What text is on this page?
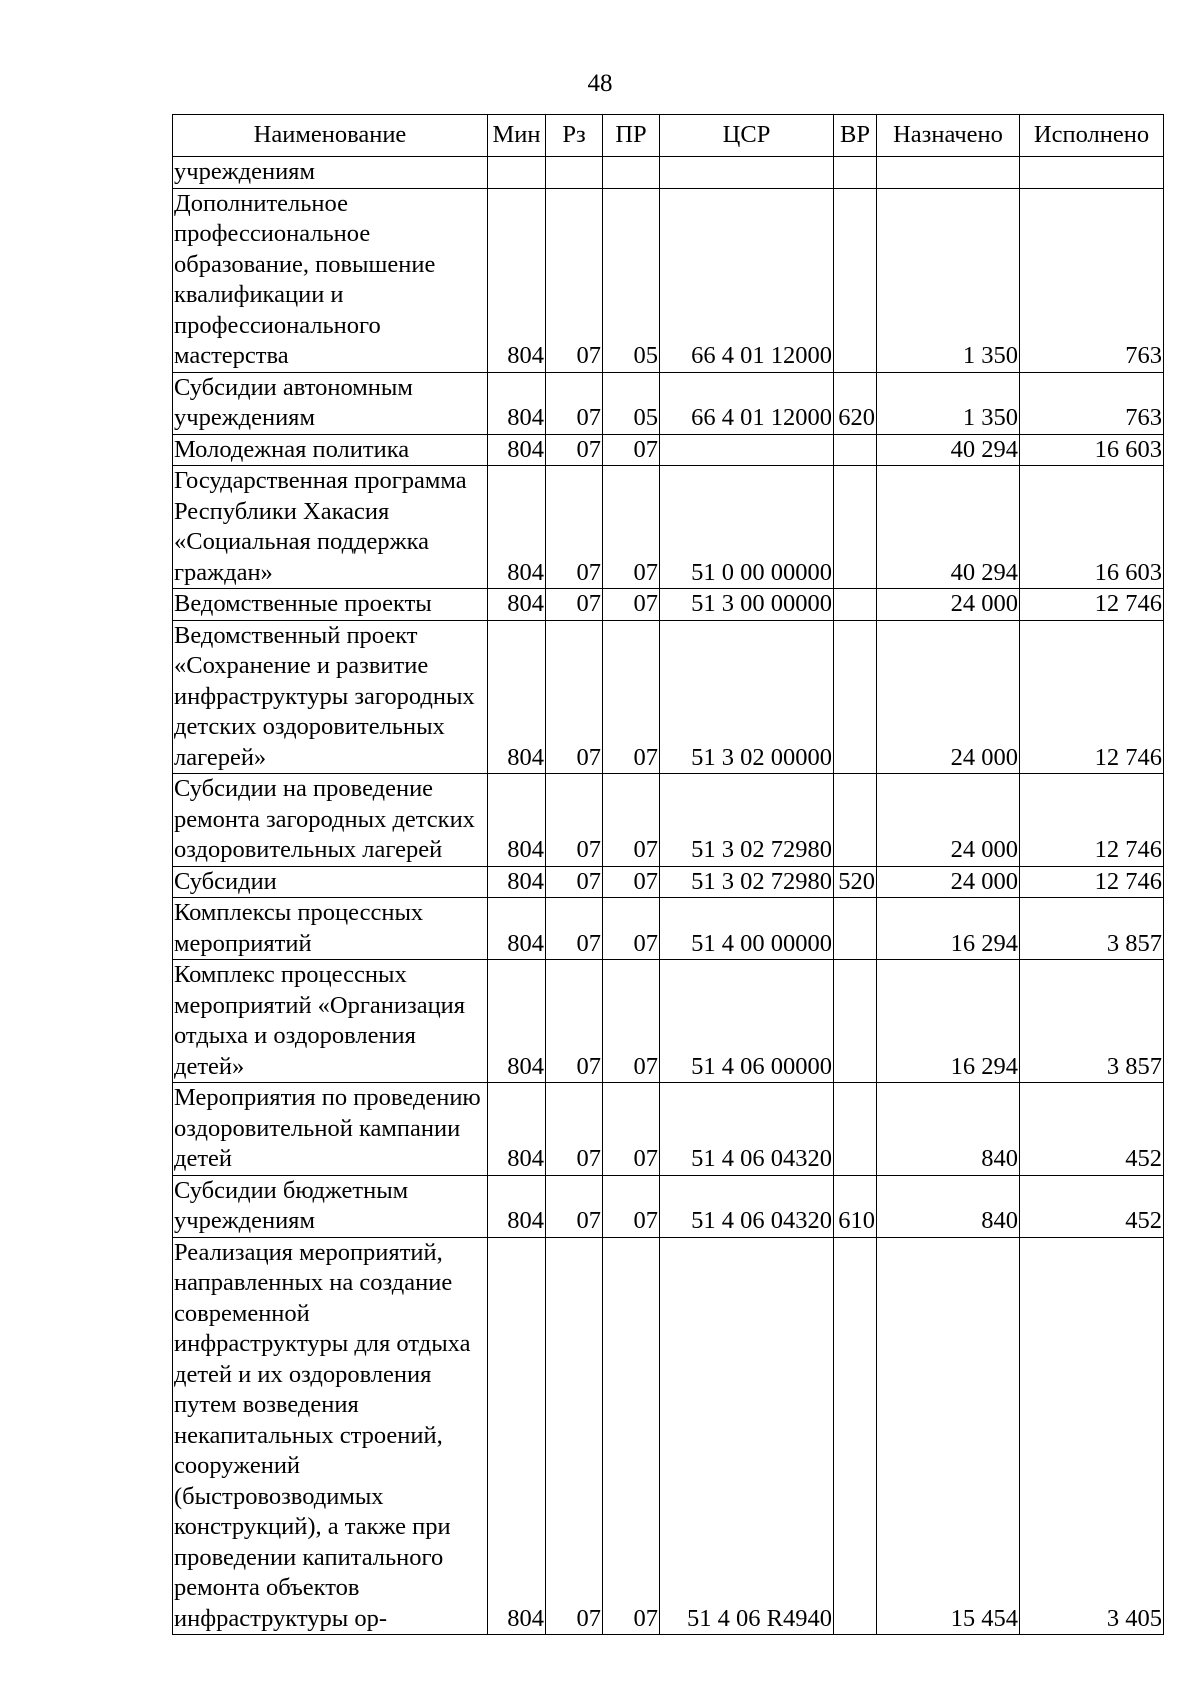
48
Наименование	Мин	Рз	ПР	ЦСР	ВР	Назначено	Исполнено
учреждениям							
Дополнительное профессиональное образование, повышение квалификации и профессионального мастерства	804	07	05	66 4 01 12000		1 350	763
Субсидии автономным учреждениям	804	07	05	66 4 01 12000	620	1 350	763
Молодежная политика	804	07	07			40 294	16 603
Государственная программа Республики Хакасия «Социальная поддержка граждан»	804	07	07	51 0 00 00000		40 294	16 603
Ведомственные проекты	804	07	07	51 3 00 00000		24 000	12 746
Ведомственный проект «Сохранение и развитие инфраструктуры загородных детских оздоровительных лагерей»	804	07	07	51 3 02 00000		24 000	12 746
Субсидии на проведение ремонта загородных детских оздоровительных лагерей	804	07	07	51 3 02 72980		24 000	12 746
Субсидии	804	07	07	51 3 02 72980	520	24 000	12 746
Комплексы процессных мероприятий	804	07	07	51 4 00 00000		16 294	3 857
Комплекс процессных мероприятий «Организация отдыха и оздоровления детей»	804	07	07	51 4 06 00000		16 294	3 857
Мероприятия по проведению оздоровительной кампании детей	804	07	07	51 4 06 04320		840	452
Субсидии бюджетным учреждениям	804	07	07	51 4 06 04320	610	840	452
Реализация мероприятий, направленных на создание современной инфраструктуры для отдыха детей и их оздоровления путем возведения некапитальных строений, сооружений (быстровозводимых конструкций), а также при проведении капитального ремонта объектов инфраструктуры ор-	804	07	07	51 4 06 R4940		15 454	3 405
